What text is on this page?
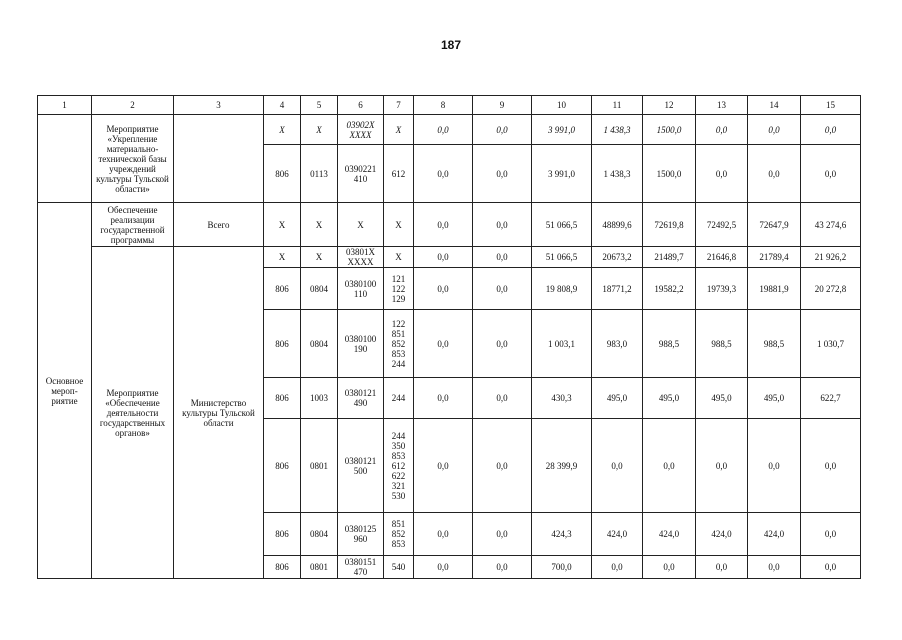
187
1	2	3	4	5	6	7	8	9	10	11	12	13	14	15
	Мероприятие «Укрепление материально-технической базы учреждений культуры Тульской области»		Х	Х	03902Х ХХХХ	Х	0,0	0,0	3 991,0	1 438,3	1500,0	0,0	0,0	0,0
			806	0113	0390221 410	612	0,0	0,0	3 991,0	1 438,3	1500,0	0,0	0,0	0,0
Основное мероп-риятие	Обеспечение реализации государственной программы	Всего	Х	Х	Х	Х	0,0	0,0	51 066,5	48899,6	72619,8	72492,5	72647,9	43 274,6
	Мероприятие «Обеспечение деятельности государственных органов»	Министерство культуры Тульской области	Х	Х	03801Х ХХХХ	Х	0,0	0,0	51 066,5	20673,2	21489,7	21646,8	21789,4	21 926,2
			806	0804	0380100 110	121 122 129	0,0	0,0	19 808,9	18771,2	19582,2	19739,3	19881,9	20 272,8
			806	0804	0380100 190	122 851 852 853 244	0,0	0,0	1 003,1	983,0	988,5	988,5	988,5	1 030,7
			806	1003	0380121 490	244	0,0	0,0	430,3	495,0	495,0	495,0	495,0	622,7
			806	0801	0380121 500	244 350 853 612 622 321 530	0,0	0,0	28 399,9	0,0	0,0	0,0	0,0	0,0
			806	0804	0380125 960	851 852 853	0,0	0,0	424,3	424,0	424,0	424,0	424,0	0,0
			806	0801	0380151 470	540	0,0	0,0	700,0	0,0	0,0	0,0	0,0	0,0
